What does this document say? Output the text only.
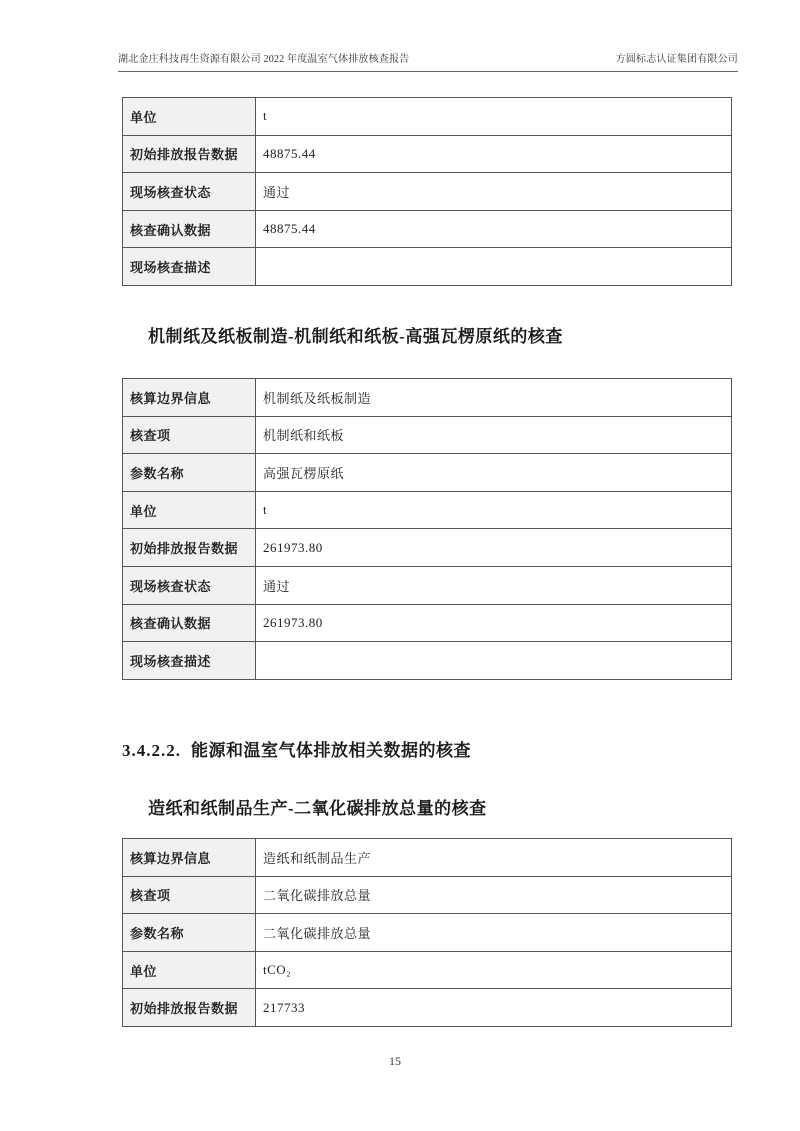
湖北金庄科技再生资源有限公司 2022 年度温室气体排放核查报告	方圆标志认证集团有限公司
单位	t
初始排放报告数据	48875.44
现场核查状态	通过
核查确认数据	48875.44
现场核查描述	
机制纸及纸板制造-机制纸和纸板-高强瓦楞原纸的核查
核算边界信息	机制纸及纸板制造
核查项	机制纸和纸板
参数名称	高强瓦楞原纸
单位	t
初始排放报告数据	261973.80
现场核查状态	通过
核查确认数据	261973.80
现场核查描述	
3.4.2.2. 能源和温室气体排放相关数据的核查
造纸和纸制品生产-二氧化碳排放总量的核查
核算边界信息	造纸和纸制品生产
核查项	二氧化碳排放总量
参数名称	二氧化碳排放总量
单位	tCO₂
初始排放报告数据	217733
15
